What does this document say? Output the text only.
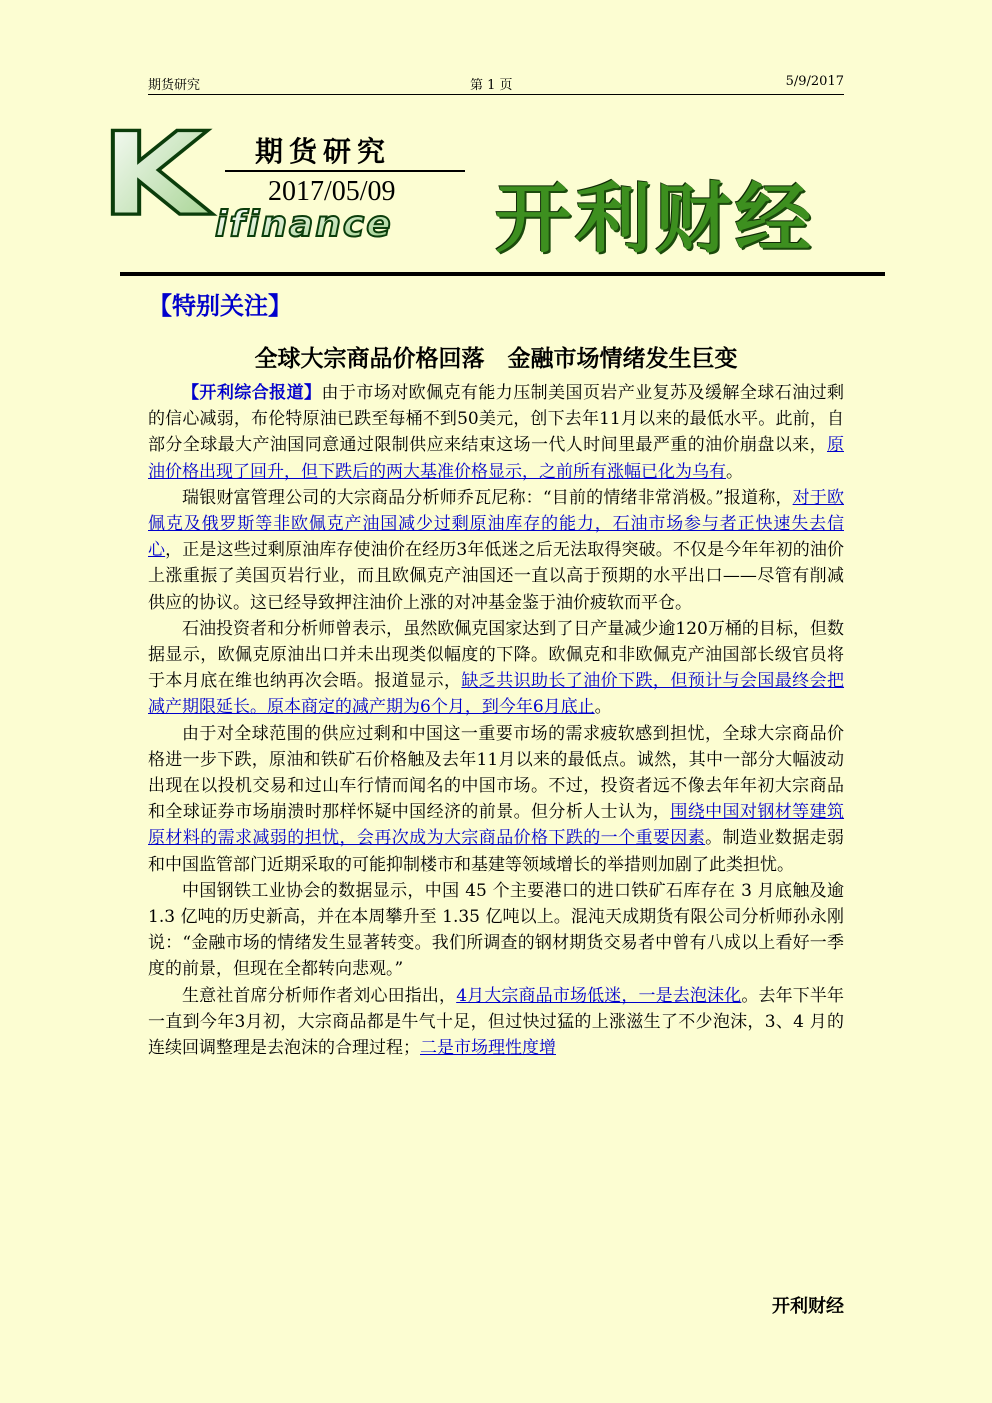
期货研究	第 1 页	5/9/2017
K ifinance
期货研究
2017/05/09 开利财经
【特别关注】
全球大宗商品价格回落　金融市场情绪发生巨变

【开利综合报道】由于市场对欧佩克有能力压制美国页岩产业复苏及缓解全球石油过剩的信心减弱，布伦特原油已跌至每桶不到50美元，创下去年11月以来的最低水平。此前，自部分全球最大产油国同意通过限制供应来结束这场一代人时间里最严重的油价崩盘以来，原油价格出现了回升，但下跌后的两大基准价格显示，之前所有涨幅已化为乌有。

瑞银财富管理公司的大宗商品分析师乔瓦尼称：“目前的情绪非常消极。”报道称，对于欧佩克及俄罗斯等非欧佩克产油国减少过剩原油库存的能力，石油市场参与者正快速失去信心，正是这些过剩原油库存使油价在经历3年低迷之后无法取得突破。不仅是今年年初的油价上涨重振了美国页岩行业，而且欧佩克产油国还一直以高于预期的水平出口——尽管有削减供应的协议。这已经导致押注油价上涨的对冲基金鉴于油价疲软而平仓。

石油投资者和分析师曾表示，虽然欧佩克国家达到了日产量减少逾120万桶的目标，但数据显示，欧佩克原油出口并未出现类似幅度的下降。欧佩克和非欧佩克产油国部长级官员将于本月底在维也纳再次会晤。报道显示，缺乏共识助长了油价下跌，但预计与会国最终会把减产期限延长。原本商定的减产期为6个月，到今年6月底止。

由于对全球范围的供应过剩和中国这一重要市场的需求疲软感到担忧，全球大宗商品价格进一步下跌，原油和铁矿石价格触及去年11月以来的最低点。诚然，其中一部分大幅波动出现在以投机交易和过山车行情而闻名的中国市场。不过，投资者远不像去年年初大宗商品和全球证券市场崩溃时那样怀疑中国经济的前景。但分析人士认为，围绕中国对钢材等建筑原材料的需求减弱的担忧，会再次成为大宗商品价格下跌的一个重要因素。制造业数据走弱和中国监管部门近期采取的可能抑制楼市和基建等领域增长的举措则加剧了此类担忧。

中国钢铁工业协会的数据显示，中国 45 个主要港口的进口铁矿石库存在 3 月底触及逾 1.3 亿吨的历史新高，并在本周攀升至 1.35 亿吨以上。混沌天成期货有限公司分析师孙永刚说：“金融市场的情绪发生显著转变。我们所调查的钢材期货交易者中曾有八成以上看好一季度的前景，但现在全都转向悲观。”

生意社首席分析师作者刘心田指出，4月大宗商品市场低迷，一是去泡沫化。去年下半年一直到今年3月初，大宗商品都是牛气十足，但过快过猛的上涨滋生了不少泡沫，3、4 月的连续回调整理是去泡沫的合理过程；二是市场理性度增

开利财经
